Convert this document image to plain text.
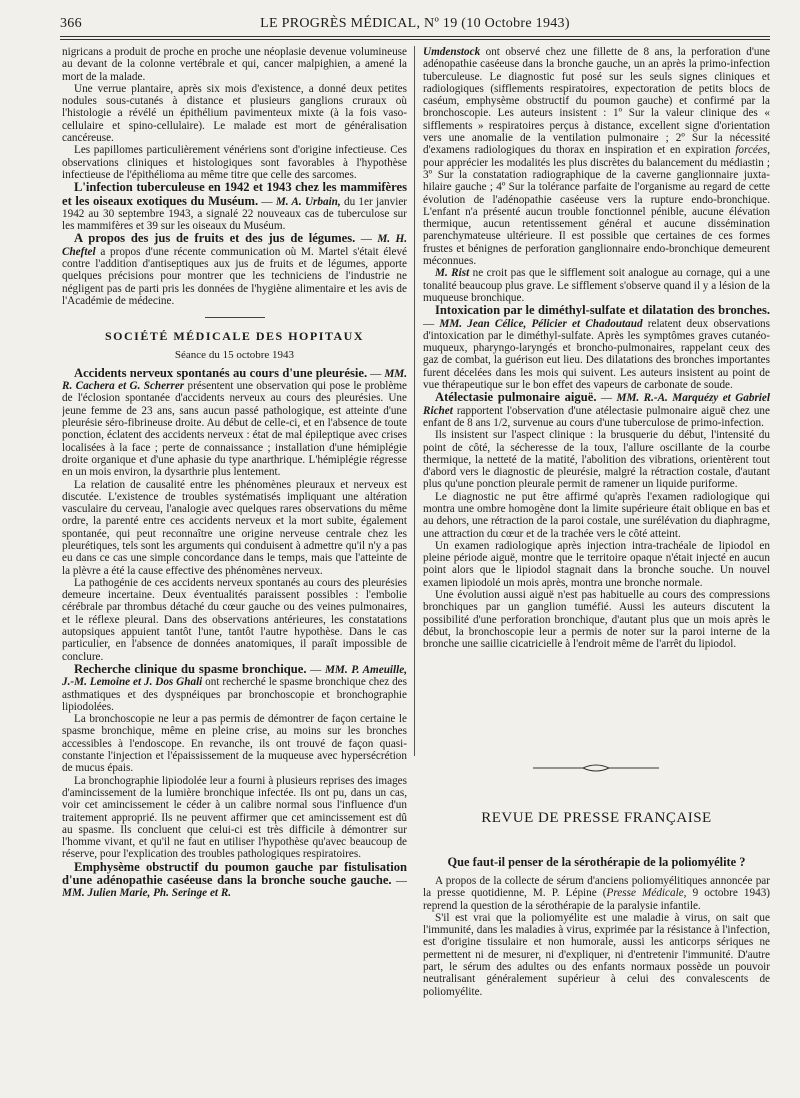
366	LE PROGRÈS MÉDICAL, Nº 19 (10 Octobre 1943)

nigricans a produit de proche en proche une néoplasie devenue volumineuse au devant de la colonne vertébrale et qui, cancer malpighien, a amené la mort de la malade.

Une verrue plantaire, après six mois d'existence, a donné deux petites nodules sous-cutanés à distance et plusieurs ganglions cruraux où l'histologie a révélé un épithélium pavimenteux mixte (à la fois vaso-cellulaire et spino-cellulaire). Le malade est mort de généralisation cancéreuse.

Les papillomes particulièrement vénériens sont d'origine infectieuse. Ces observations cliniques et histologiques sont favorables à l'hypothèse infectieuse de l'épithélioma au même titre que celle des sarcomes.

L'infection tuberculeuse en 1942 et 1943 chez les mammifères et les oiseaux exotiques du Muséum. — M. A. Urbain, du 1er janvier 1942 au 30 septembre 1943, a signalé 22 nouveaux cas de tuberculose sur les mammifères et 39 sur les oiseaux du Muséum.

A propos des jus de fruits et des jus de légumes. — M. H. Cheftel a propos d'une récente communication où M. Martel s'était élevé contre l'addition d'antiseptiques aux jus de fruits et de légumes, apporte quelques précisions pour montrer que les techniciens de l'industrie ne négligent pas de parti pris les données de l'hygiène alimentaire et les avis de l'Académie de médecine.

SOCIÉTÉ MÉDICALE DES HOPITAUX
Séance du 15 octobre 1943

Accidents nerveux spontanés au cours d'une pleurésie. — MM. R. Cachera et G. Scherrer présentent une observation qui pose le problème de l'éclosion spontanée d'accidents nerveux au cours des pleurésies. Une jeune femme de 23 ans, sans aucun passé pathologique, est atteinte d'une pleurésie séro-fibrineuse droite. Au début de celle-ci, et en l'absence de toute ponction, éclatent des accidents nerveux : état de mal épileptique avec crises localisées à la face ; perte de connaissance ; installation d'une hémiplégie droite organique et d'une aphasie du type anarthrique. L'hémiplégie régresse en un mois environ, la dysarthrie plus lentement.

La relation de causalité entre les phénomènes pleuraux et nerveux est discutée. L'existence de troubles systématisés impliquant une altération vasculaire du cerveau, l'analogie avec quelques rares observations du même ordre, la parenté entre ces accidents nerveux et la mort subite, également spontanée, qui peut reconnaître une origine nerveuse centrale chez les pleurétiques, tels sont les arguments qui conduisent à admettre qu'il n'y a pas eu dans ce cas une simple concordance dans le temps, mais que l'atteinte de la plèvre a été la cause effective des phénomènes nerveux.

La pathogénie de ces accidents nerveux spontanés au cours des pleurésies demeure incertaine. Deux éventualités paraissent possibles : l'embolie cérébrale par thrombus détaché du cœur gauche ou des veines pulmonaires, et le réflexe pleural. Dans des observations antérieures, les constatations autopsiques appuient tantôt l'une, tantôt l'autre hypothèse. Dans le cas particulier, en l'absence de données anatomiques, il paraît impossible de conclure.

Recherche clinique du spasme bronchique. — MM. P. Ameuille, J.-M. Lemoine et J. Dos Ghali ont recherché le spasme bronchique chez des asthmatiques et des dyspnéiques par bronchoscopie et bronchographie lipiodolées.

La bronchoscopie ne leur a pas permis de démontrer de façon certaine le spasme bronchique, même en pleine crise, au moins sur les bronches accessibles à l'endoscope. En revanche, ils ont trouvé de façon quasi-constante l'injection et l'épaississement de la muqueuse avec hypersécrétion de mucus épais.

La bronchographie lipiodolée leur a fourni à plusieurs reprises des images d'amincissement de la lumière bronchique infectée. Ils ont pu, dans un cas, voir cet amincissement le céder à un calibre normal sous l'influence d'un traitement approprié. Ils ne peuvent affirmer que cet amincissement est dû au spasme. Ils concluent que celui-ci est très difficile à démontrer sur l'homme vivant, et qu'il ne faut en utiliser l'hypothèse qu'avec beaucoup de réserve, pour l'explication des troubles pathologiques respiratoires.

Emphysème obstructif du poumon gauche par fistulisation d'une adénopathie caséeuse dans la bronche souche gauche. — MM. Julien Marie, Ph. Seringe et R.

Umdenstock ont observé chez une fillette de 8 ans, la perforation d'une adénopathie caséeuse dans la bronche gauche, un an après la primo-infection tuberculeuse. Le diagnostic fut posé sur les seuls signes cliniques et radiologiques (sifflements respiratoires, expectoration de petits blocs de caséum, emphysème obstructif du poumon gauche) et confirmé par la bronchoscopie. Les auteurs insistent : 1º Sur la valeur clinique des « sifflements » respiratoires perçus à distance, excellent signe d'orientation vers une anomalie de la ventilation pulmonaire ; 2º Sur la nécessité d'examens radiologiques du thorax en inspiration et en expiration forcées, pour apprécier les modalités les plus discrètes du balancement du médiastin ; 3º Sur la constatation radiographique de la caverne ganglionnaire juxta-hilaire gauche ; 4º Sur la tolérance parfaite de l'organisme au regard de cette évolution de l'adénopathie caséeuse vers la rupture endo-bronchique. L'enfant n'a présenté aucun trouble fonctionnel pénible, aucune élévation thermique, aucun retentissement général et aucune dissémination parenchymateuse ultérieure. Il est possible que certaines de ces formes frustes et bénignes de perforation ganglionnaire endo-bronchique demeurent méconnues.

M. Rist ne croit pas que le sifflement soit analogue au cornage, qui a une tonalité beaucoup plus grave. Le sifflement s'observe quand il y a lésion de la muqueuse bronchique.

Intoxication par le diméthyl-sulfate et dilatation des bronches. — MM. Jean Célice, Pélicier et Chadoutaud relatent deux observations d'intoxication par le diméthyl-sulfate. Après les symptômes graves cutanéo-muqueux, pharyngo-laryngés et broncho-pulmonaires, rappelant ceux des gaz de combat, la guérison eut lieu. Des dilatations des bronches importantes furent décelées dans les mois qui suivent. Les auteurs insistent au point de vue thérapeutique sur le bon effet des vapeurs de carbonate de soude.

Atélectasie pulmonaire aiguë. — MM. R.-A. Marquézy et Gabriel Richet rapportent l'observation d'une atélectasie pulmonaire aiguë chez une enfant de 8 ans 1/2, survenue au cours d'une tuberculose de primo-infection.

Ils insistent sur l'aspect clinique : la brusquerie du début, l'intensité du point de côté, la sécheresse de la toux, l'allure oscillante de la courbe thermique, la netteté de la matité, l'abolition des vibrations, orientèrent tout d'abord vers le diagnostic de pleurésie, malgré la rétraction costale, d'autant plus qu'une ponction pleurale permit de ramener un liquide puriforme.

Le diagnostic ne put être affirmé qu'après l'examen radiologique qui montra une ombre homogène dont la limite supérieure était oblique en bas et au dehors, une rétraction de la paroi costale, une surélévation du diaphragme, une attraction du cœur et de la trachée vers le côté atteint.

Un examen radiologique après injection intra-trachéale de lipiodol en pleine période aiguë, montre que le territoire opaque n'était injecté en aucun point alors que le lipiodol stagnait dans la bronche souche. Un nouvel examen lipiodolé un mois après, montra une bronche normale.

Une évolution aussi aiguë n'est pas habituelle au cours des compressions bronchiques par un ganglion tuméfié. Aussi les auteurs discutent la possibilité d'une perforation bronchique, d'autant plus que un mois après le début, la bronchoscopie leur a permis de noter sur la paroi interne de la bronche une saillie cicatricielle à l'endroit même de l'arrêt du lipiodol.

REVUE DE PRESSE FRANÇAISE
Que faut-il penser de la sérothérapie de la poliomyélite ?

A propos de la collecte de sérum d'anciens poliomyélitiques annoncée par la presse quotidienne, M. P. Lépine (Presse Médicale, 9 octobre 1943) reprend la question de la sérothérapie de la paralysie infantile.

S'il est vrai que la poliomyélite est une maladie à virus, on sait que l'immunité, dans les maladies à virus, exprimée par la résistance à l'infection, est d'origine tissulaire et non humorale, aussi les anticorps sériques ne permettent ni de mesurer, ni d'expliquer, ni d'entretenir l'immunité. D'autre part, le sérum des adultes ou des enfants normaux possède un pouvoir neutralisant généralement supérieur à celui des convalescents de poliomyélite.
